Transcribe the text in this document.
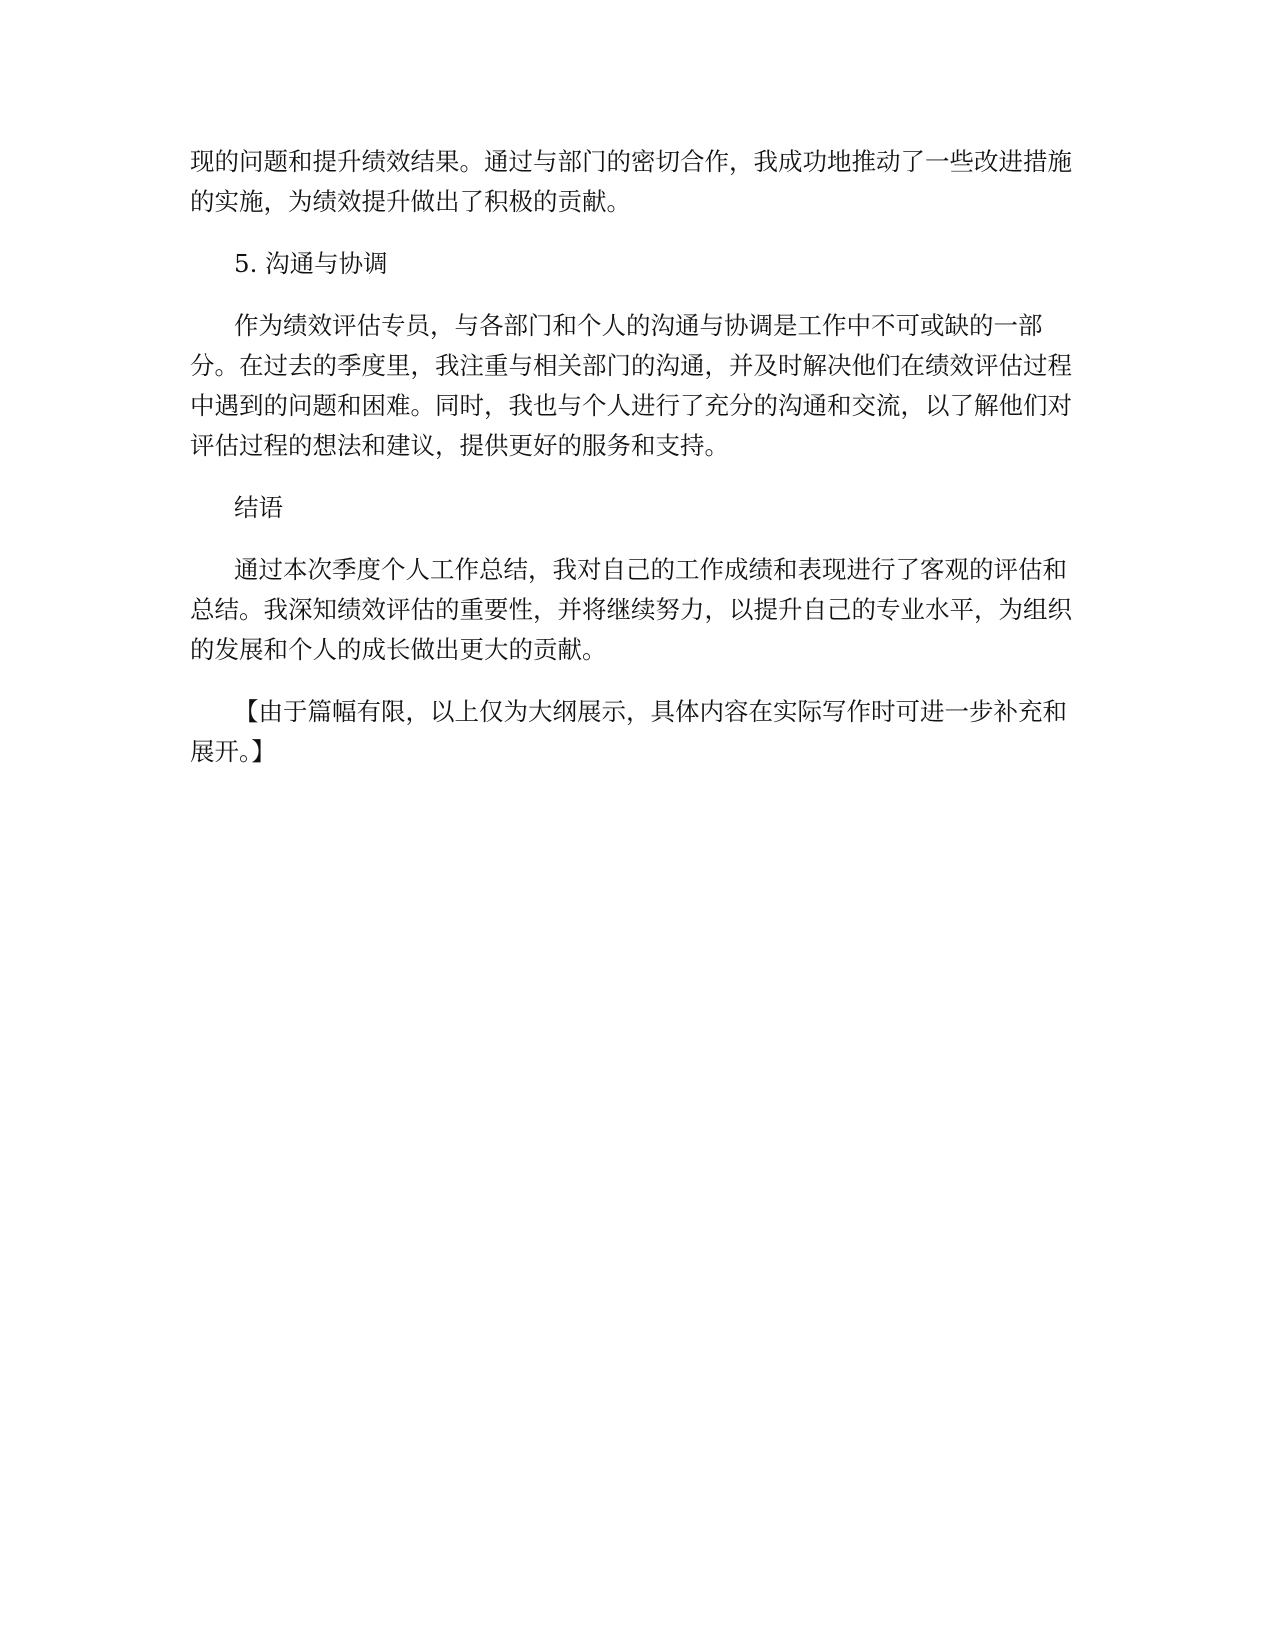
现的问题和提升绩效结果。通过与部门的密切合作，我成功地推动了一些改进措施的实施，为绩效提升做出了积极的贡献。

5. 沟通与协调

作为绩效评估专员，与各部门和个人的沟通与协调是工作中不可或缺的一部分。在过去的季度里，我注重与相关部门的沟通，并及时解决他们在绩效评估过程中遇到的问题和困难。同时，我也与个人进行了充分的沟通和交流，以了解他们对评估过程的想法和建议，提供更好的服务和支持。

结语

通过本次季度个人工作总结，我对自己的工作成绩和表现进行了客观的评估和总结。我深知绩效评估的重要性，并将继续努力，以提升自己的专业水平，为组织的发展和个人的成长做出更大的贡献。

【由于篇幅有限，以上仅为大纲展示，具体内容在实际写作时可进一步补充和展开。】
